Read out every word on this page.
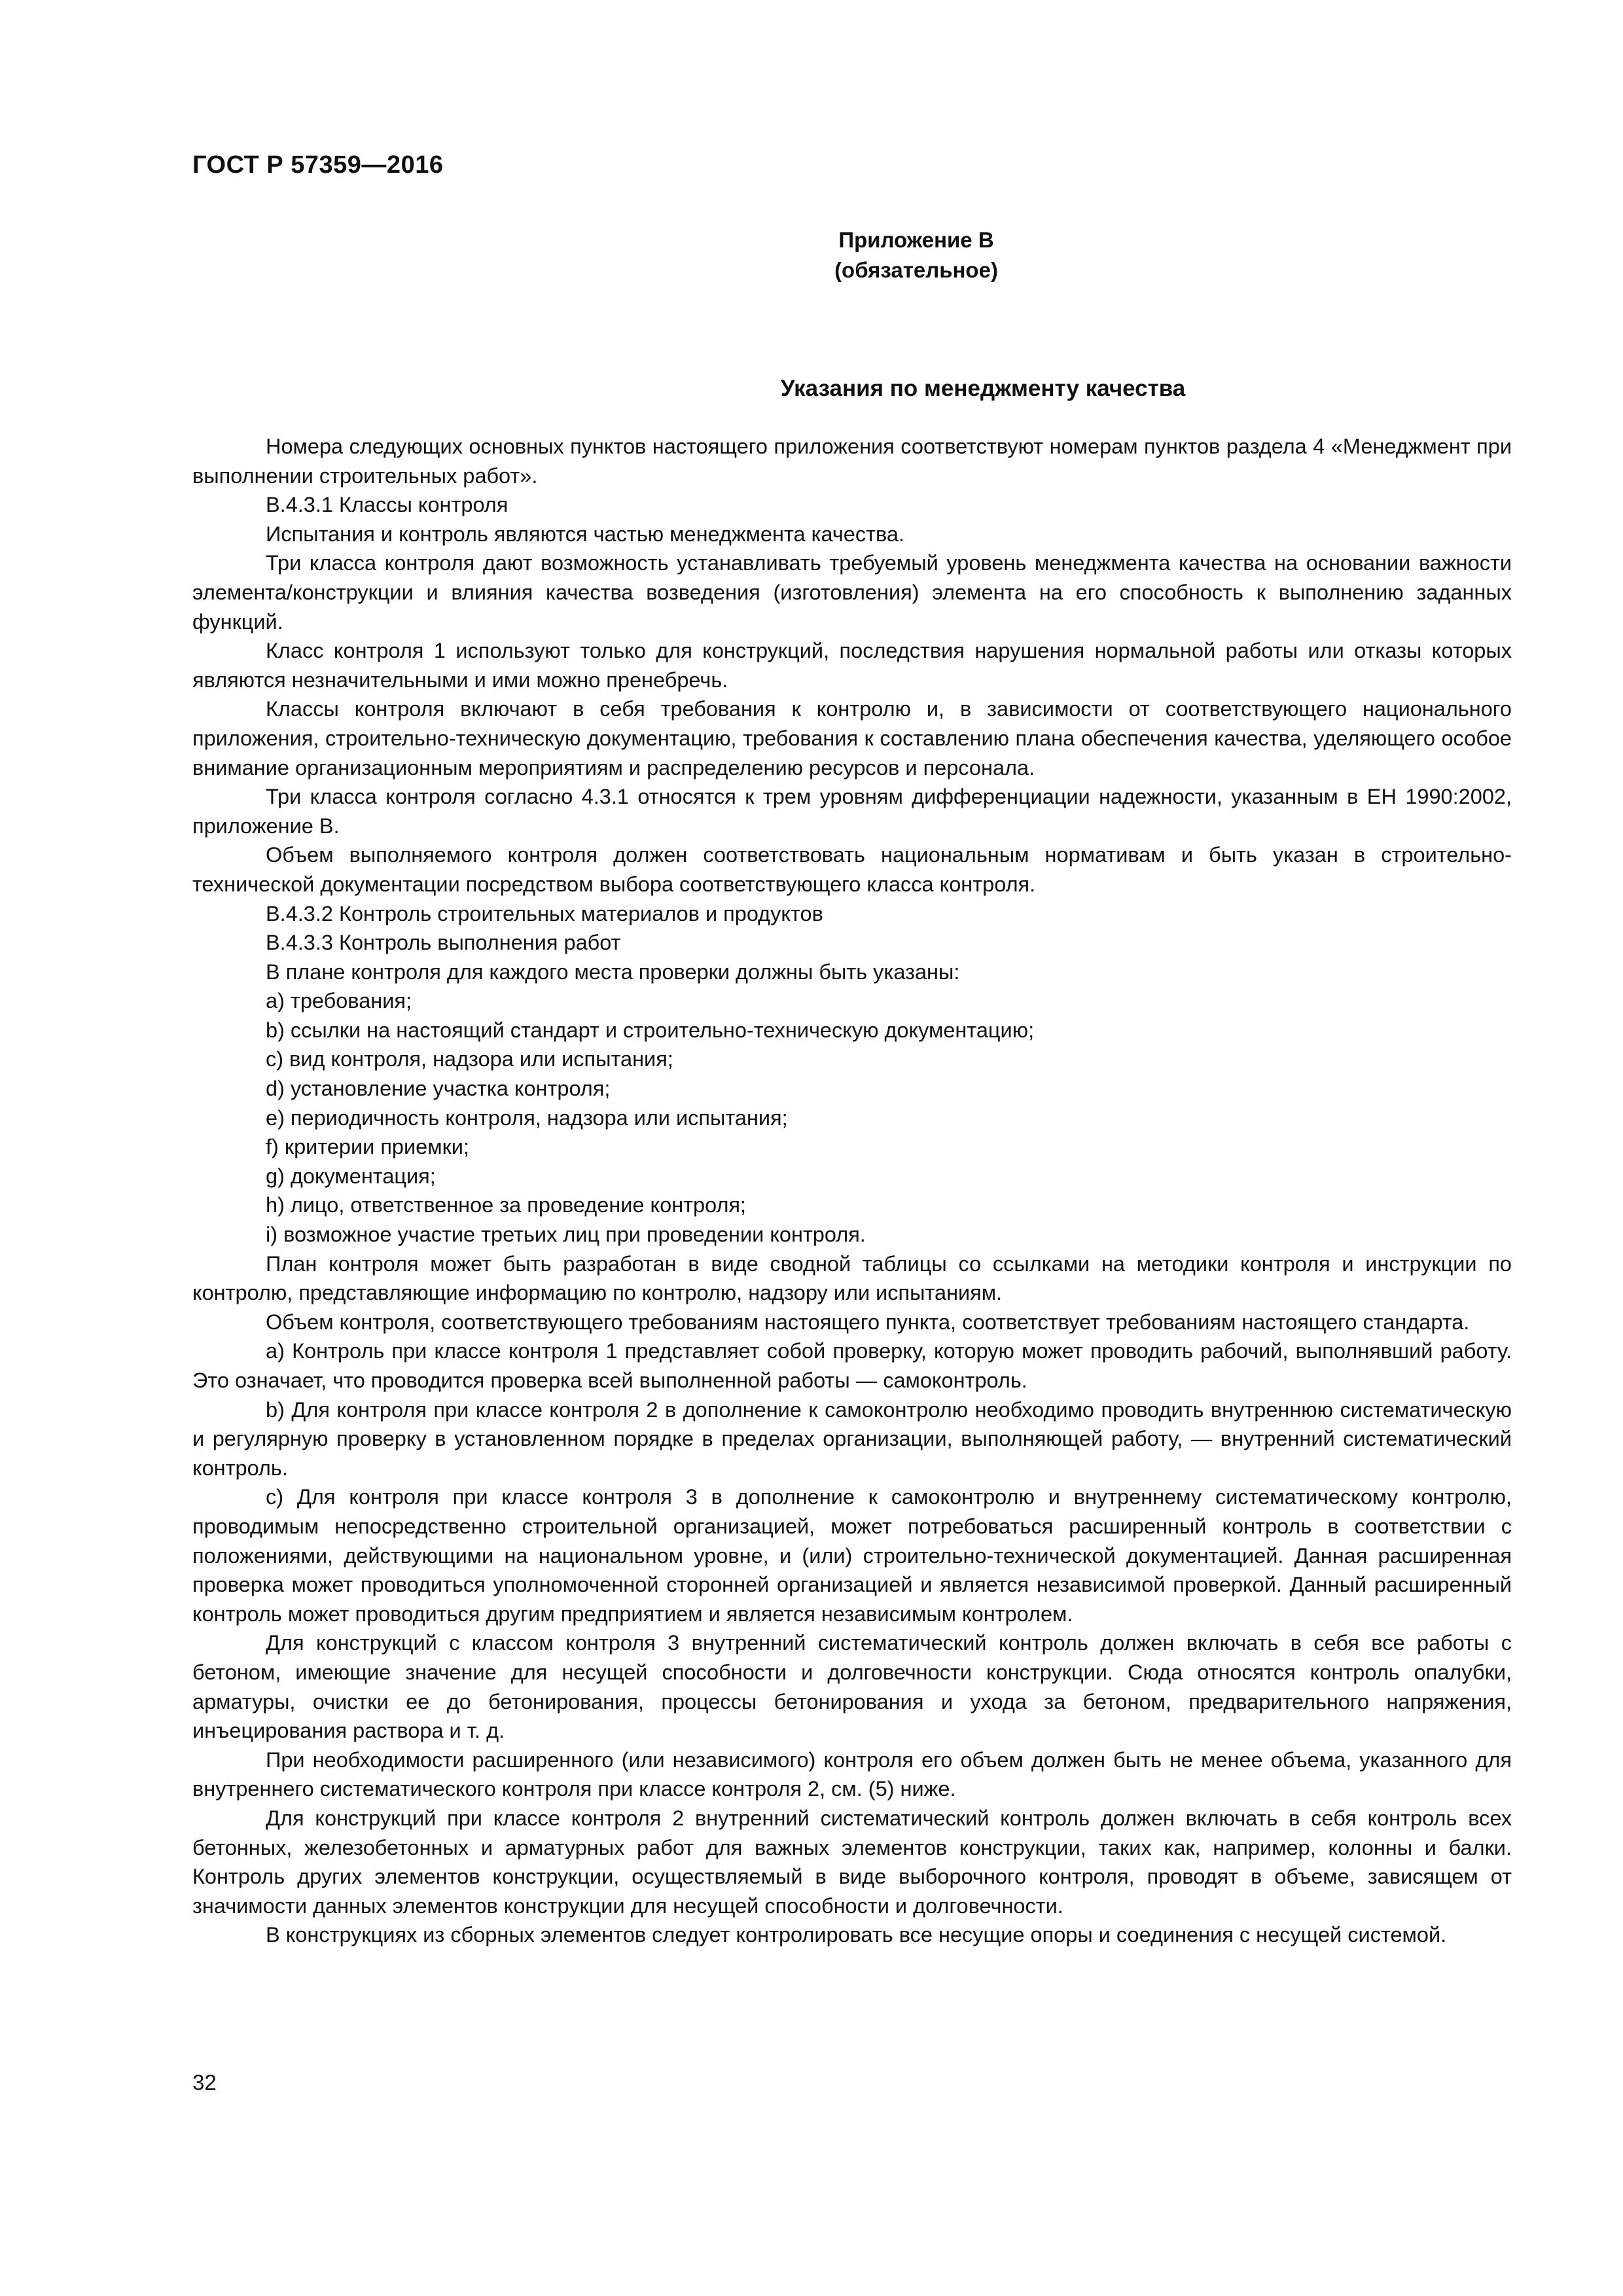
ГОСТ Р 57359—2016
Приложение В
(обязательное)
Указания по менеджменту качества

Номера следующих основных пунктов настоящего приложения соответствуют номерам пунктов раздела 4 «Менеджмент при выполнении строительных работ».

В.4.3.1 Классы контроля

Испытания и контроль являются частью менеджмента качества.

Три класса контроля дают возможность устанавливать требуемый уровень менеджмента качества на основании важности элемента/конструкции и влияния качества возведения (изготовления) элемента на его способность к выполнению заданных функций.

Класс контроля 1 используют только для конструкций, последствия нарушения нормальной работы или отказы которых являются незначительными и ими можно пренебречь.

Классы контроля включают в себя требования к контролю и, в зависимости от соответствующего национального приложения, строительно-техническую документацию, требования к составлению плана обеспечения качества, уделяющего особое внимание организационным мероприятиям и распределению ресурсов и персонала.

Три класса контроля согласно 4.3.1 относятся к трем уровням дифференциации надежности, указанным в ЕН 1990:2002, приложение В.

Объем выполняемого контроля должен соответствовать национальным нормативам и быть указан в строительно-технической документации посредством выбора соответствующего класса контроля.

В.4.3.2 Контроль строительных материалов и продуктов

В.4.3.3 Контроль выполнения работ

В плане контроля для каждого места проверки должны быть указаны:

a) требования;

b) ссылки на настоящий стандарт и строительно-техническую документацию;

c) вид контроля, надзора или испытания;

d) установление участка контроля;

e) периодичность контроля, надзора или испытания;

f) критерии приемки;

g) документация;

h) лицо, ответственное за проведение контроля;

i) возможное участие третьих лиц при проведении контроля.

План контроля может быть разработан в виде сводной таблицы со ссылками на методики контроля и инструкции по контролю, представляющие информацию по контролю, надзору или испытаниям.

Объем контроля, соответствующего требованиям настоящего пункта, соответствует требованиям настоящего стандарта.

a) Контроль при классе контроля 1 представляет собой проверку, которую может проводить рабочий, выполнявший работу. Это означает, что проводится проверка всей выполненной работы — самоконтроль.

b) Для контроля при классе контроля 2 в дополнение к самоконтролю необходимо проводить внутреннюю систематическую и регулярную проверку в установленном порядке в пределах организации, выполняющей работу, — внутренний систематический контроль.

c) Для контроля при классе контроля 3 в дополнение к самоконтролю и внутреннему систематическому контролю, проводимым непосредственно строительной организацией, может потребоваться расширенный контроль в соответствии с положениями, действующими на национальном уровне, и (или) строительно-технической документацией. Данная расширенная проверка может проводиться уполномоченной сторонней организацией и является независимой проверкой. Данный расширенный контроль может проводиться другим предприятием и является независимым контролем.

Для конструкций с классом контроля 3 внутренний систематический контроль должен включать в себя все работы с бетоном, имеющие значение для несущей способности и долговечности конструкции. Сюда относятся контроль опалубки, арматуры, очистки ее до бетонирования, процессы бетонирования и ухода за бетоном, предварительного напряжения, инъецирования раствора и т. д.

При необходимости расширенного (или независимого) контроля его объем должен быть не менее объема, указанного для внутреннего систематического контроля при классе контроля 2, см. (5) ниже.

Для конструкций при классе контроля 2 внутренний систематический контроль должен включать в себя контроль всех бетонных, железобетонных и арматурных работ для важных элементов конструкции, таких как, например, колонны и балки. Контроль других элементов конструкции, осуществляемый в виде выборочного контроля, проводят в объеме, зависящем от значимости данных элементов конструкции для несущей способности и долговечности.

В конструкциях из сборных элементов следует контролировать все несущие опоры и соединения с несущей системой.

32
